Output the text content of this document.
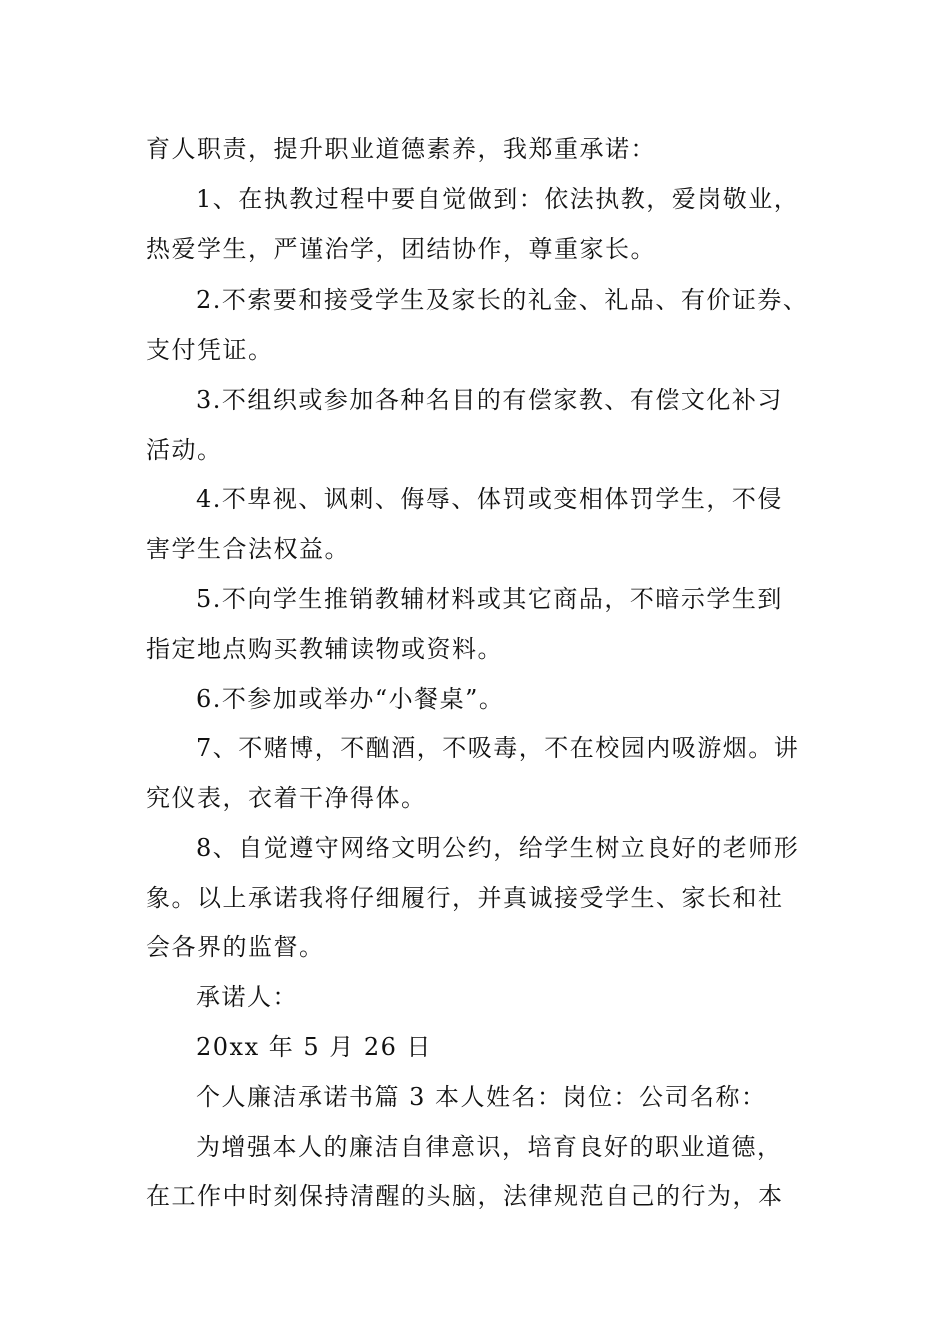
育人职责，提升职业道德素养，我郑重承诺：
1、在执教过程中要自觉做到：依法执教，爱岗敬业，
热爱学生，严谨治学，团结协作，尊重家长。
2.不索要和接受学生及家长的礼金、礼品、有价证券、
支付凭证。
3.不组织或参加各种名目的有偿家教、有偿文化补习
活动。
4.不卑视、讽刺、侮辱、体罚或变相体罚学生，不侵
害学生合法权益。
5.不向学生推销教辅材料或其它商品，不暗示学生到
指定地点购买教辅读物或资料。
6.不参加或举办“小餐桌”。
7、不赌博，不酗酒，不吸毒，不在校园内吸游烟。讲
究仪表，衣着干净得体。
8、自觉遵守网络文明公约，给学生树立良好的老师形
象。以上承诺我将仔细履行，并真诚接受学生、家长和社
会各界的监督。
承诺人：
20xx 年 5 月 26 日
个人廉洁承诺书篇 3 本人姓名：岗位：公司名称：
为增强本人的廉洁自律意识，培育良好的职业道德，
在工作中时刻保持清醒的头脑，法律规范自己的行为，本
